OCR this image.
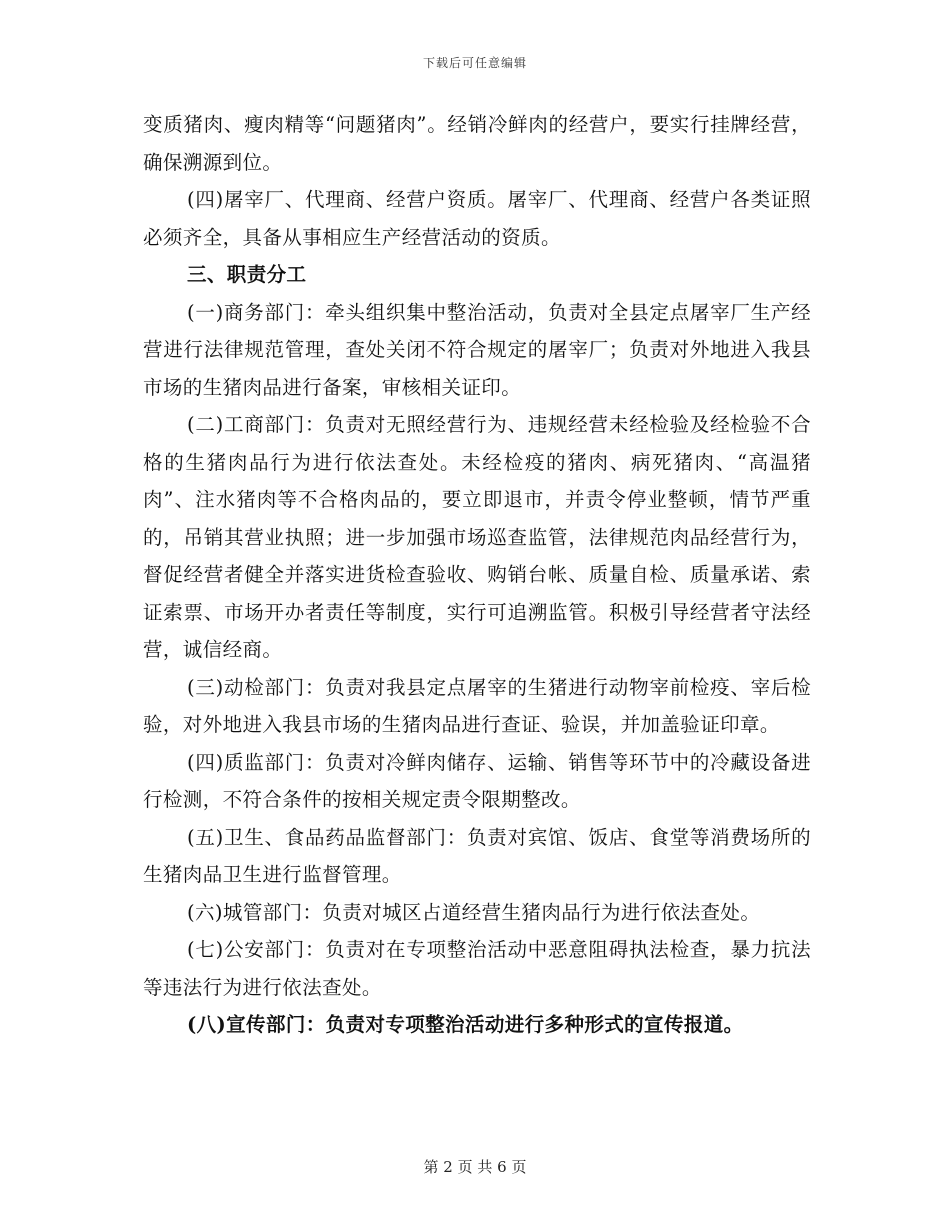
下载后可任意编辑

变质猪肉、瘦肉精等“问题猪肉”。经销冷鲜肉的经营户，要实行挂牌经营，确保溯源到位。

(四)屠宰厂、代理商、经营户资质。屠宰厂、代理商、经营户各类证照必须齐全，具备从事相应生产经营活动的资质。

三、职责分工

(一)商务部门：牵头组织集中整治活动，负责对全县定点屠宰厂生产经营进行法律规范管理，查处关闭不符合规定的屠宰厂；负责对外地进入我县市场的生猪肉品进行备案，审核相关证印。

(二)工商部门：负责对无照经营行为、违规经营未经检验及经检验不合格的生猪肉品行为进行依法查处。未经检疫的猪肉、病死猪肉、“高温猪肉”、注水猪肉等不合格肉品的，要立即退市，并责令停业整顿，情节严重的，吊销其营业执照；进一步加强市场巡查监管，法律规范肉品经营行为，督促经营者健全并落实进货检查验收、购销台帐、质量自检、质量承诺、索证索票、市场开办者责任等制度，实行可追溯监管。积极引导经营者守法经营，诚信经商。

(三)动检部门：负责对我县定点屠宰的生猪进行动物宰前检疫、宰后检验，对外地进入我县市场的生猪肉品进行查证、验误，并加盖验证印章。

(四)质监部门：负责对冷鲜肉储存、运输、销售等环节中的冷藏设备进行检测，不符合条件的按相关规定责令限期整改。

(五)卫生、食品药品监督部门：负责对宾馆、饭店、食堂等消费场所的生猪肉品卫生进行监督管理。

(六)城管部门：负责对城区占道经营生猪肉品行为进行依法查处。

(七)公安部门：负责对在专项整治活动中恶意阻碍执法检查，暴力抗法等违法行为进行依法查处。

(八)宣传部门：负责对专项整治活动进行多种形式的宣传报道。

第 2 页 共 6 页
